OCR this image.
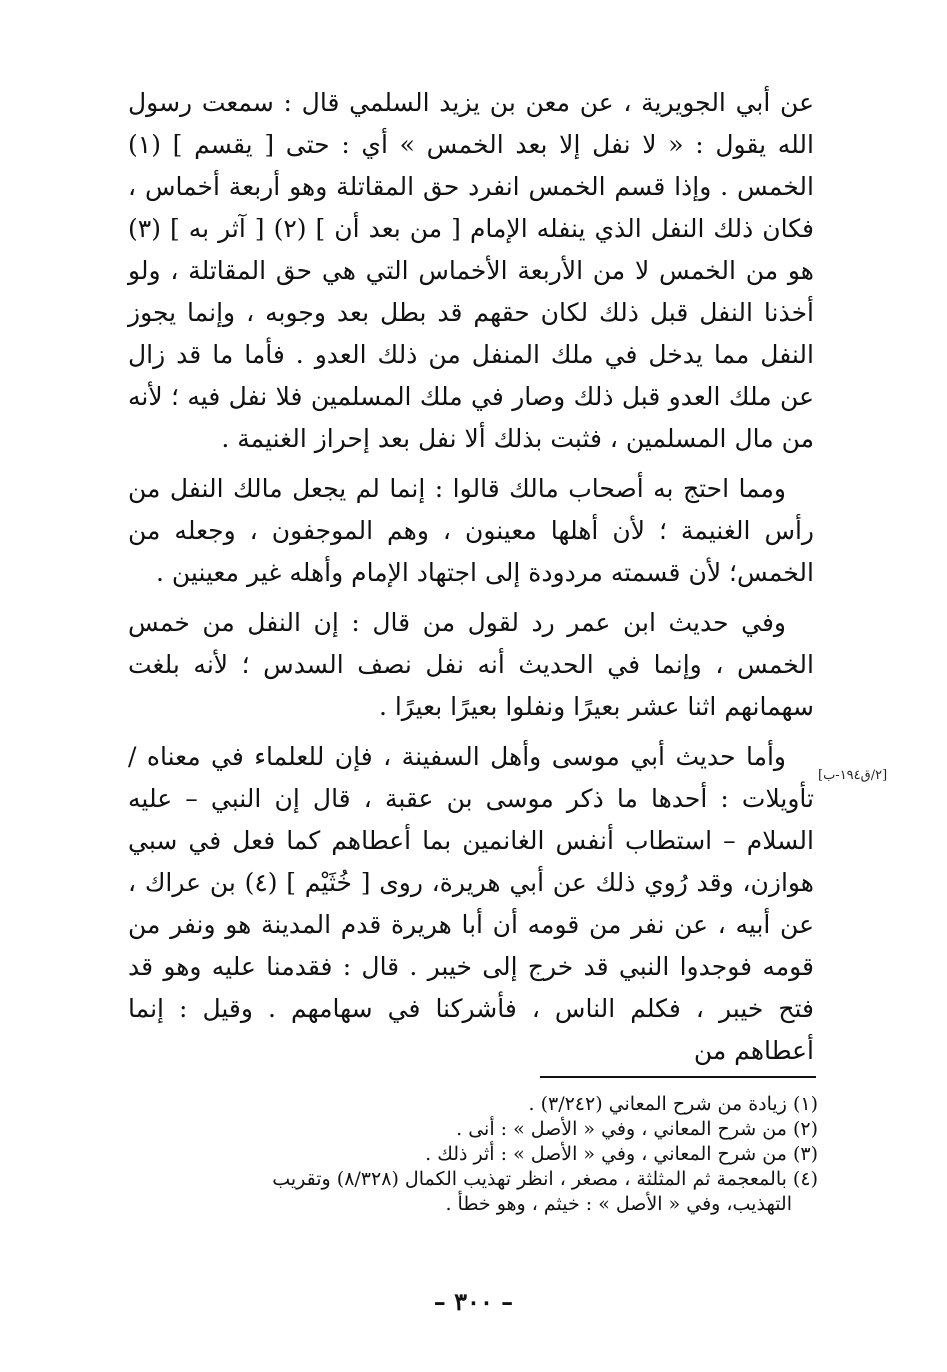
عن أبي الجويرية ، عن معن بن يزيد السلمي قال : سمعت رسول الله يقول : « لا نفل إلا بعد الخمس » أي : حتى [ يقسم ] (١) الخمس . وإذا قسم الخمس انفرد حق المقاتلة وهو أربعة أخماس ، فكان ذلك النفل الذي ينفله الإمام [ من بعد أن ] (٢) [ آثر به ] (٣) هو من الخمس لا من الأربعة الأخماس التي هي حق المقاتلة ، ولو أخذنا النفل قبل ذلك لكان حقهم قد بطل بعد وجوبه ، وإنما يجوز النفل مما يدخل في ملك المنفل من ذلك العدو . فأما ما قد زال عن ملك العدو قبل ذلك وصار في ملك المسلمين فلا نفل فيه ؛ لأنه من مال المسلمين ، فثبت بذلك ألا نفل بعد إحراز الغنيمة .

ومما احتج به أصحاب مالك قالوا : إنما لم يجعل مالك النفل من رأس الغنيمة ؛ لأن أهلها معينون ، وهم الموجفون ، وجعله من الخمس؛ لأن قسمته مردودة إلى اجتهاد الإمام وأهله غير معينين .

وفي حديث ابن عمر رد لقول من قال : إن النفل من خمس الخمس ، وإنما في الحديث أنه نفل نصف السدس ؛ لأنه بلغت سهمانهم اثنا عشر بعيرًا ونفلوا بعيرًا بعيرًا .

وأما حديث أبي موسى وأهل السفينة ، فإن للعلماء في معناه / تأويلات : أحدها ما ذكر موسى بن عقبة ، قال إن النبي – عليه السلام – استطاب أنفس الغانمين بما أعطاهم كما فعل في سبي هوازن، وقد رُوي ذلك عن أبي هريرة، روى [ خُثَيْم ] (٤) بن عراك ، عن أبيه ، عن نفر من قومه أن أبا هريرة قدم المدينة هو ونفر من قومه فوجدوا النبي قد خرج إلى خيبر . قال : فقدمنا عليه وهو قد فتح خيبر ، فكلم الناس ، فأشركنا في سهامهم . وقيل : إنما أعطاهم من

[٢/ق١٩٤-ب]
(١) زيادة من شرح المعاني (٣/٢٤٢) .
(٢) من شرح المعاني ، وفي « الأصل » : أنى .
(٣) من شرح المعاني ، وفي « الأصل » : أثر ذلك .
(٤) بالمعجمة ثم المثلثة ، مصغر ، انظر تهذيب الكمال (٨/٣٢٨) وتقريب
التهذيب، وفي « الأصل » : خيثم ، وهو خطأ .
– ٣٠٠ –
